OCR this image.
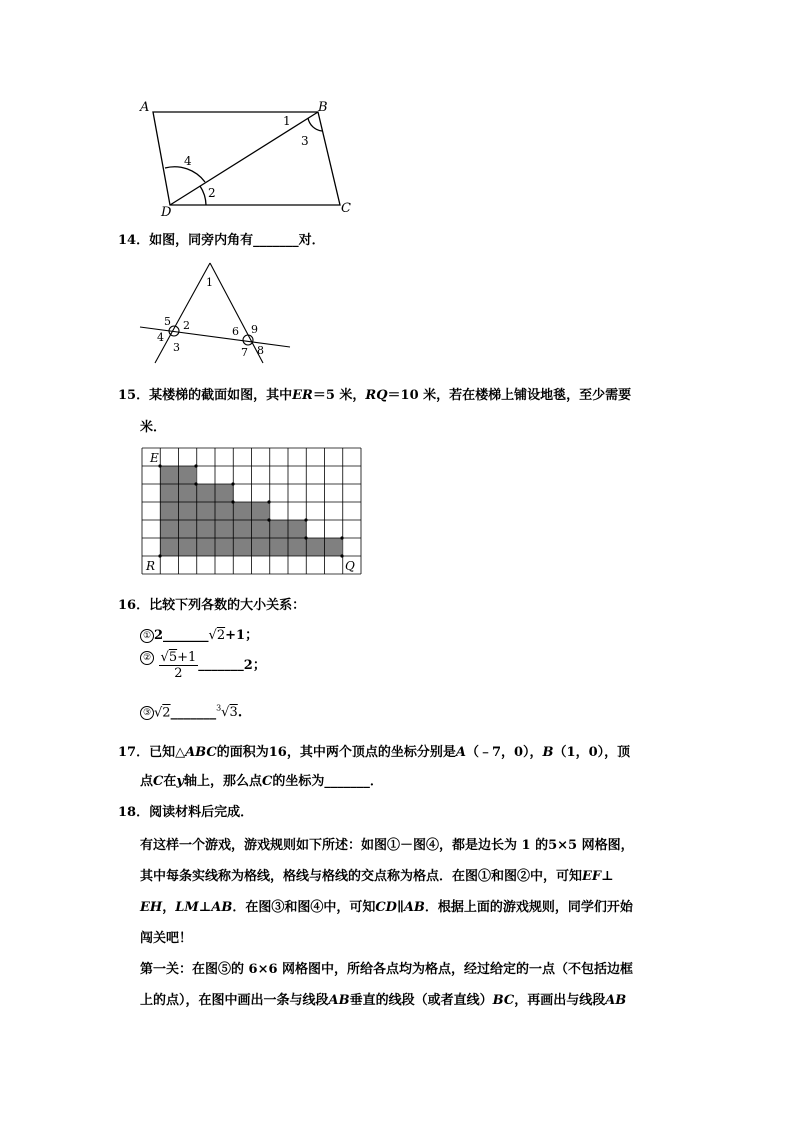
A	B
C
D
1
3
4
2
14．如图，同旁内角有_______对．
1
2
3
4
5
6
7 8
9
15．某楼梯的截面如图，其中ER＝5 米，RQ＝10 米，若在楼梯上铺设地毯，至少需要
米．
E
R	Q
16．比较下列各数的大小关系：
① 2_______√2+1；
② $\frac{√5+1}{2}$ _______2；
③ √2_______$^3$√3.
17．已知△ABC的面积为16，其中两个顶点的坐标分别是A（﹣7，0），B（1，0），顶
点C在y轴上，那么点C的坐标为_______．
18．阅读材料后完成．
有这样一个游戏，游戏规则如下所述：如图①－图④，都是边长为 1 的5×5 网格图，
其中每条实线称为格线，格线与格线的交点称为格点．在图①和图②中，可知EF⊥
EH，LM⊥AB．在图③和图④中，可知CD∥AB．根据上面的游戏规则，同学们开始
闯关吧！
第一关：在图⑤的 6×6 网格图中，所给各点均为格点，经过给定的一点（不包括边框
上的点），在图中画出一条与线段AB垂直的线段（或者直线）BC，再画出与线段AB
